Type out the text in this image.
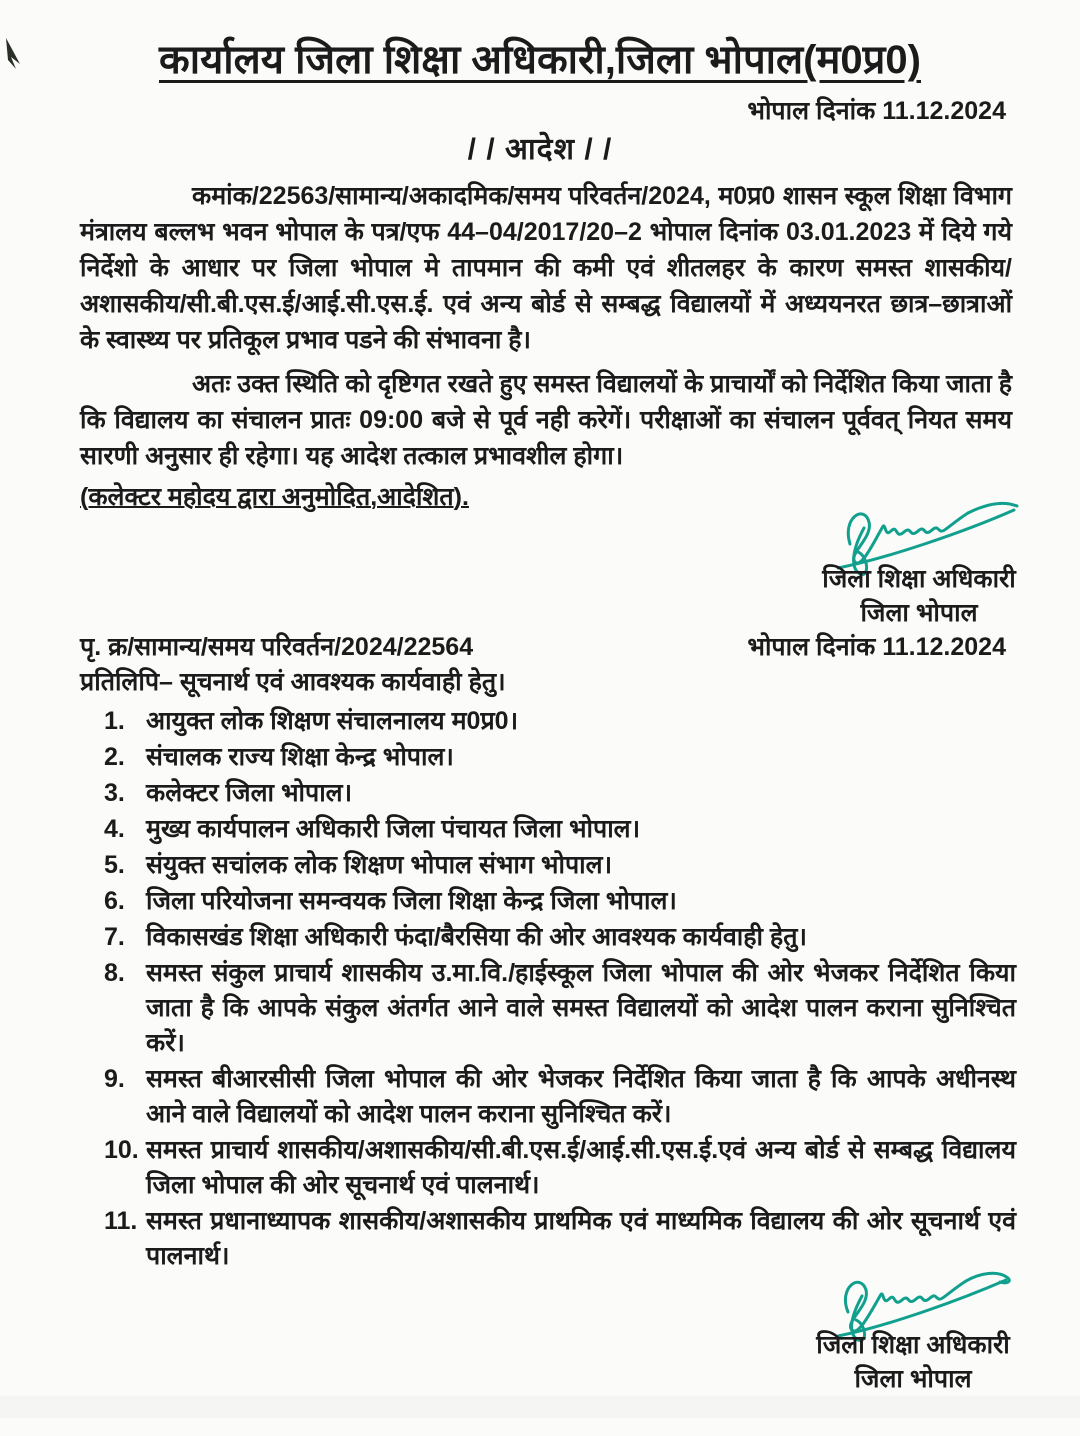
कार्यालय जिला शिक्षा अधिकारी,जिला भोपाल(म0प्र0)
भोपाल दिनांक 11.12.2024
/ / आदेश / /

कमांक/22563/सामान्य/अकादमिक/समय परिवर्तन/2024, म0प्र0 शासन स्कूल शिक्षा विभाग मंत्रालय बल्लभ भवन भोपाल के पत्र/एफ 44–04/2017/20–2 भोपाल दिनांक 03.01.2023 में दिये गये निर्देशो के आधार पर जिला भोपाल मे तापमान की कमी एवं शीतलहर के कारण समस्त शासकीय/अशासकीय/सी.बी.एस.ई/आई.सी.एस.ई. एवं अन्य बोर्ड से सम्बद्ध विद्यालयों में अध्ययनरत छात्र–छात्राओं के स्वास्थ्य पर प्रतिकूल प्रभाव पडने की संभावना है।

अतः उक्त स्थिति को दृष्टिगत रखते हुए समस्त विद्यालयों के प्राचार्यों को निर्देशित किया जाता है कि विद्यालय का संचालन प्रातः 09:00 बजे से पूर्व नही करेगें। परीक्षाओं का संचालन पूर्ववत् नियत समय सारणी अनुसार ही रहेगा। यह आदेश तत्काल प्रभावशील होगा।

(कलेक्टर महोदय द्वारा अनुमोदित,आदेशित).
जिला शिक्षा अधिकारी
जिला भोपाल
पृ. क्र/सामान्य/समय परिवर्तन/2024/22564	भोपाल दिनांक 11.12.2024
प्रतिलिपि– सूचनार्थ एवं आवश्यक कार्यवाही हेतु।
1. आयुक्त लोक शिक्षण संचालनालय म0प्र0।
2. संचालक राज्य शिक्षा केन्द्र भोपाल।
3. कलेक्टर जिला भोपाल।
4. मुख्य कार्यपालन अधिकारी जिला पंचायत जिला भोपाल।
5. संयुक्त सचांलक लोक शिक्षण भोपाल संभाग भोपाल।
6. जिला परियोजना समन्वयक जिला शिक्षा केन्द्र जिला भोपाल।
7. विकासखंड शिक्षा अधिकारी फंदा/बैरसिया की ओर आवश्यक कार्यवाही हेतु।
8. समस्त संकुल प्राचार्य शासकीय उ.मा.वि./हाईस्कूल जिला भोपाल की ओर भेजकर निर्देशित किया जाता है कि आपके संकुल अंतर्गत आने वाले समस्त विद्यालयों को आदेश पालन कराना सुनिश्चित करें।
9. समस्त बीआरसीसी जिला भोपाल की ओर भेजकर निर्देशित किया जाता है कि आपके अधीनस्थ आने वाले विद्यालयों को आदेश पालन कराना सुनिश्चित करें।
10. समस्त प्राचार्य शासकीय/अशासकीय/सी.बी.एस.ई/आई.सी.एस.ई.एवं अन्य बोर्ड से सम्बद्ध विद्यालय जिला भोपाल की ओर सूचनार्थ एवं पालनार्थ।
11. समस्त प्रधानाध्यापक शासकीय/अशासकीय प्राथमिक एवं माध्यमिक विद्यालय की ओर सूचनार्थ एवं पालनार्थ।
जिला शिक्षा अधिकारी
जिला भोपाल
